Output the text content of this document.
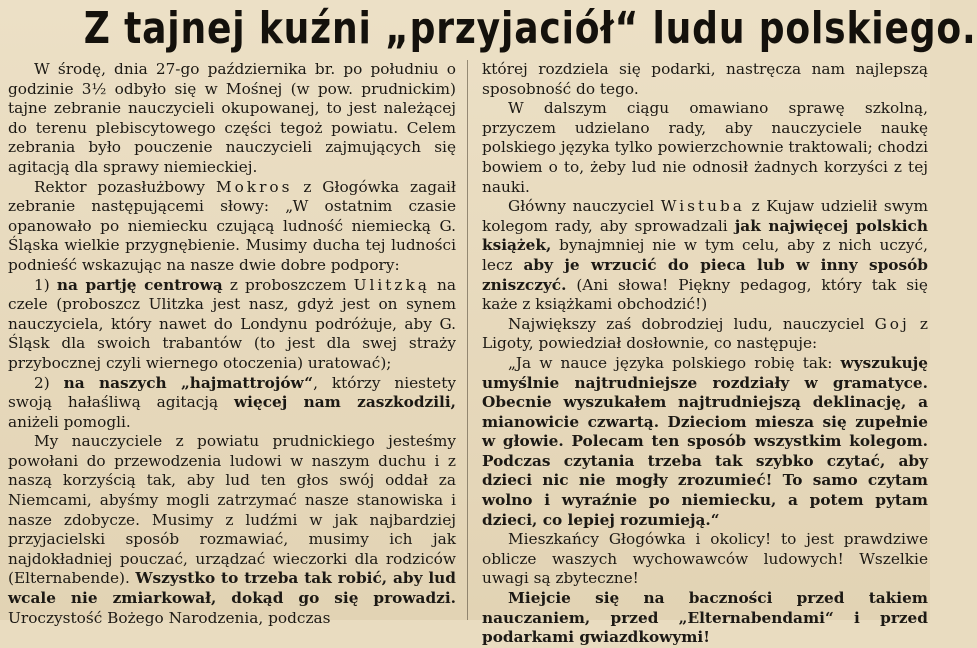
Z tajnej kuźni „przyjaciół“ ludu polskiego.

W środę, dnia 27-go października br. po południu o godzinie 3½ odbyło się w Mośnej (w pow. prudnickim) tajne zebranie nauczycieli okupowanej, to jest należącej do terenu plebiscytowego części tegoż powiatu. Celem zebrania było pouczenie nauczycieli zajmujących się agitacją dla sprawy niemieckiej.

Rektor pozasłużbowy Mokros z Głogówka zagaił zebranie następującemi słowy: „W ostatnim czasie opanowało po niemiecku czującą ludność niemiecką G. Śląska wielkie przygnębienie. Musimy ducha tej ludności podnieść wskazując na nasze dwie dobre podpory:

1) na partję centrową z proboszczem Ulitzką na czele (proboszcz Ulitzka jest nasz, gdyż jest on synem nauczyciela, który nawet do Londynu podróżuje, aby G. Śląsk dla swoich trabantów (to jest dla swej straży przybocznej czyli wiernego otoczenia) uratować);

2) na naszych „hajmattrojów“, którzy niestety swoją hałaśliwą agitacją więcej nam zaszkodzili, aniżeli pomogli.

My nauczyciele z powiatu prudnickiego jesteśmy powołani do przewodzenia ludowi w naszym duchu i z naszą korzyścią tak, aby lud ten głos swój oddał za Niemcami, abyśmy mogli zatrzymać nasze stanowiska i nasze zdobycze. Musimy z ludźmi w jak najbardziej przyjacielski sposób rozmawiać, musimy ich jak najdokładniej pouczać, urządzać wieczorki dla rodziców (Elternabende). Wszystko to trzeba tak robić, aby lud wcale nie zmiarkował, dokąd go się prowadzi. Uroczystość Bożego Narodzenia, podczas

której rozdziela się podarki, nastręcza nam najlepszą sposobność do tego.

W dalszym ciągu omawiano sprawę szkolną, przyczem udzielano rady, aby nauczyciele naukę polskiego języka tylko powierzchownie traktowali; chodzi bowiem o to, żeby lud nie odnosił żadnych korzyści z tej nauki.

Główny nauczyciel Wistuba z Kujaw udzielił swym kolegom rady, aby sprowadzali jak najwięcej polskich książek, bynajmniej nie w tym celu, aby z nich uczyć, lecz aby je wrzucić do pieca lub w inny sposób zniszczyć. (Ani słowa! Piękny pedagog, który tak się każe z książkami obchodzić!)

Największy zaś dobrodziej ludu, nauczyciel Goj z Ligoty, powiedział dosłownie, co następuje:

„Ja w nauce języka polskiego robię tak: wyszukuję umyślnie najtrudniejsze rozdziały w gramatyce. Obecnie wyszukałem najtrudniejszą deklinację, a mianowicie czwartą. Dzieciom miesza się zupełnie w głowie. Polecam ten sposób wszystkim kolegom. Podczas czytania trzeba tak szybko czytać, aby dzieci nic nie mogły zrozumieć! To samo czytam wolno i wyraźnie po niemiecku, a potem pytam dzieci, co lepiej rozumieją.“

Mieszkańcy Głogówka i okolicy! to jest prawdziwe oblicze waszych wychowawców ludowych! Wszelkie uwagi są zbyteczne!

Miejcie się na baczności przed takiem nauczaniem, przed „Elternabendami“ i przed podarkami gwiazdkowymi!
